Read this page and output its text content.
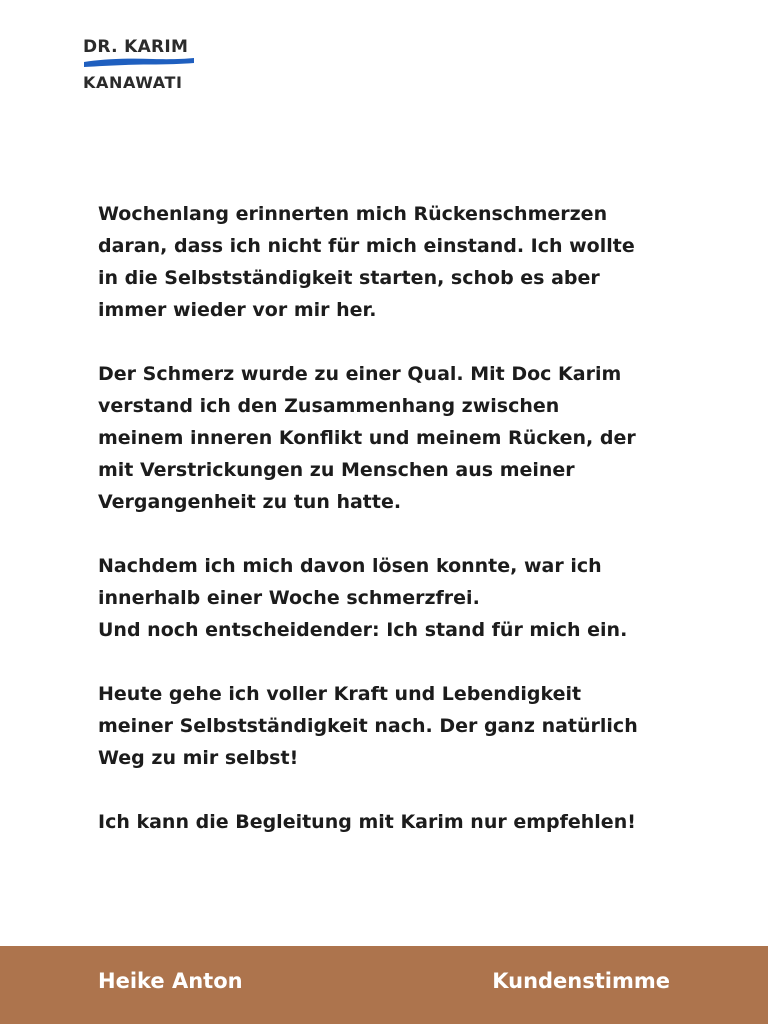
DR. KARIM
KANAWATI

Wochenlang erinnerten mich Rückenschmerzen
daran, dass ich nicht für mich einstand. Ich wollte
in die Selbstständigkeit starten, schob es aber
immer wieder vor mir her.

Der Schmerz wurde zu einer Qual. Mit Doc Karim
verstand ich den Zusammenhang zwischen
meinem inneren Konflikt und meinem Rücken, der
mit Verstrickungen zu Menschen aus meiner
Vergangenheit zu tun hatte.

Nachdem ich mich davon lösen konnte, war ich
innerhalb einer Woche schmerzfrei.
Und noch entscheidender: Ich stand für mich ein.

Heute gehe ich voller Kraft und Lebendigkeit
meiner Selbstständigkeit nach. Der ganz natürlich
Weg zu mir selbst!

Ich kann die Begleitung mit Karim nur empfehlen!

Heike Anton	Kundenstimme
